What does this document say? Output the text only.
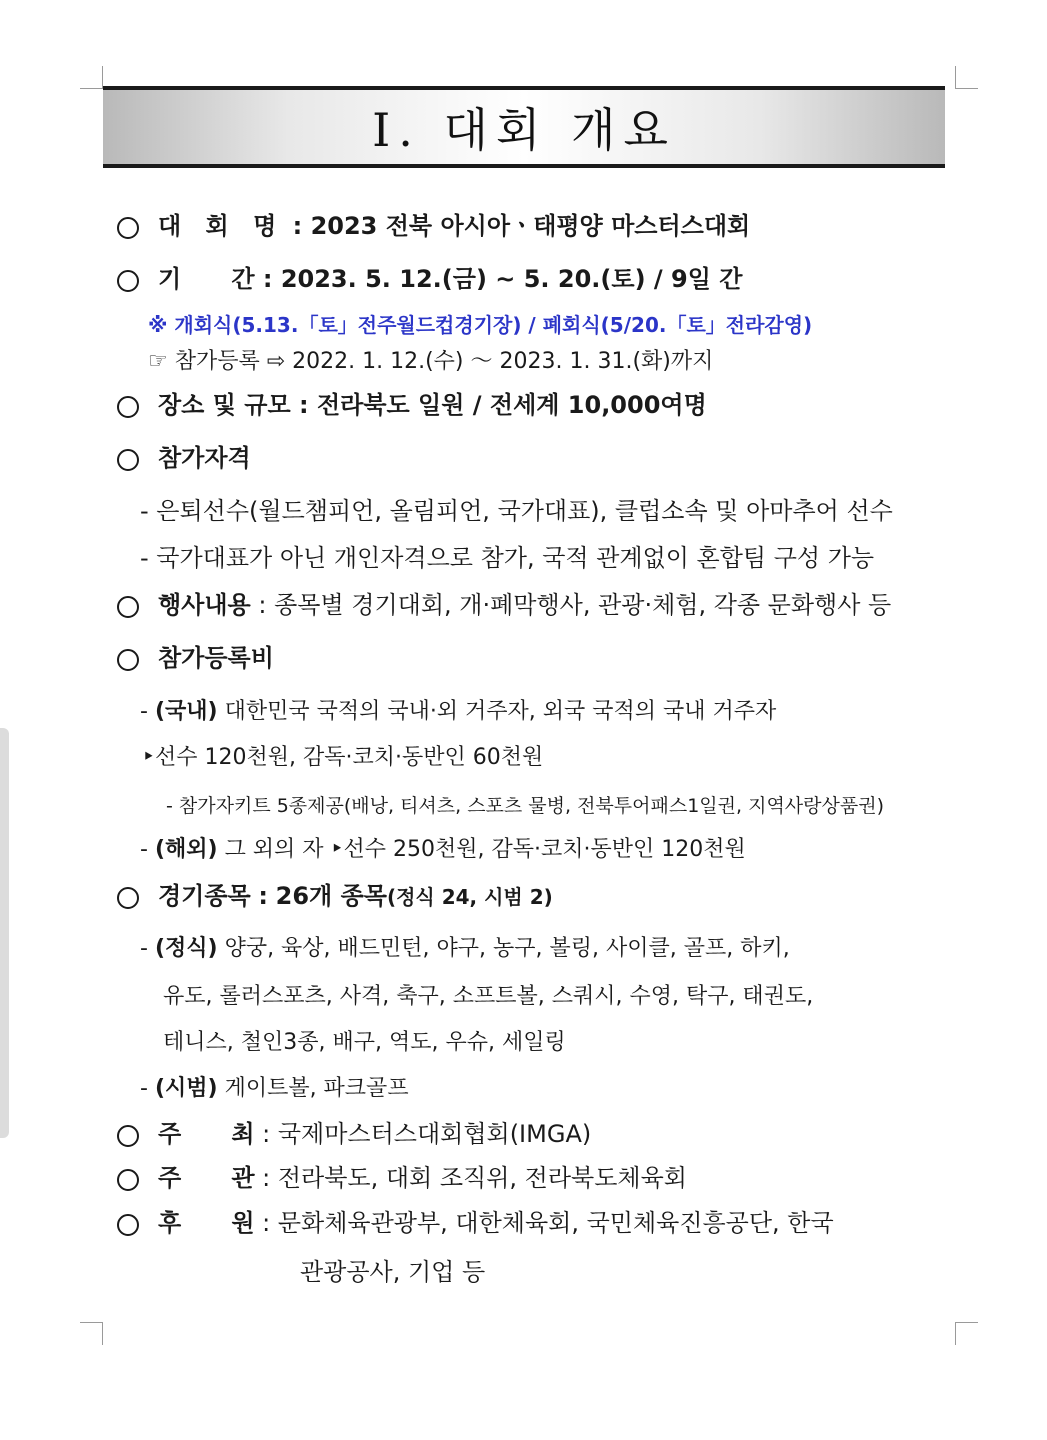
Ⅰ. 대회 개요
대 회 명 : 2023 전북 아시아ㆍ태평양 마스터스대회
기      간 : 2023. 5. 12.(금) ~ 5. 20.(토) / 9일 간
※ 개회식(5.13.「토」전주월드컵경기장) / 폐회식(5/20.「토」전라감영)
☞ 참가등록 ⇨ 2022. 1. 12.(수) ～ 2023. 1. 31.(화)까지
장소 및 규모 : 전라북도 일원 / 전세계 10,000여명
참가자격
- 은퇴선수(월드챔피언, 올림피언, 국가대표), 클럽소속 및 아마추어 선수
- 국가대표가 아닌 개인자격으로 참가, 국적 관계없이 혼합팀 구성 가능
행사내용 : 종목별 경기대회, 개·폐막행사, 관광·체험, 각종 문화행사 등
참가등록비
- (국내) 대한민국 국적의 국내·외 거주자, 외국 국적의 국내 거주자
‣선수 120천원, 감독·코치·동반인 60천원
- 참가자키트 5종제공(배낭, 티셔츠, 스포츠 물병, 전북투어패스1일권, 지역사랑상품권)
- (해외) 그 외의 자 ‣선수 250천원, 감독·코치·동반인 120천원
경기종목 : 26개 종목(정식 24, 시범 2)
- (정식) 양궁, 육상, 배드민턴, 야구, 농구, 볼링, 사이클, 골프, 하키,
유도, 롤러스포츠, 사격, 축구, 소프트볼, 스쿼시, 수영, 탁구, 태권도,
테니스, 철인3종, 배구, 역도, 우슈, 세일링
- (시범) 게이트볼, 파크골프
주      최 : 국제마스터스대회협회(IMGA)
주      관 : 전라북도, 대회 조직위, 전라북도체육회
후      원 : 문화체육관광부, 대한체육회, 국민체육진흥공단, 한국
관광공사, 기업 등
